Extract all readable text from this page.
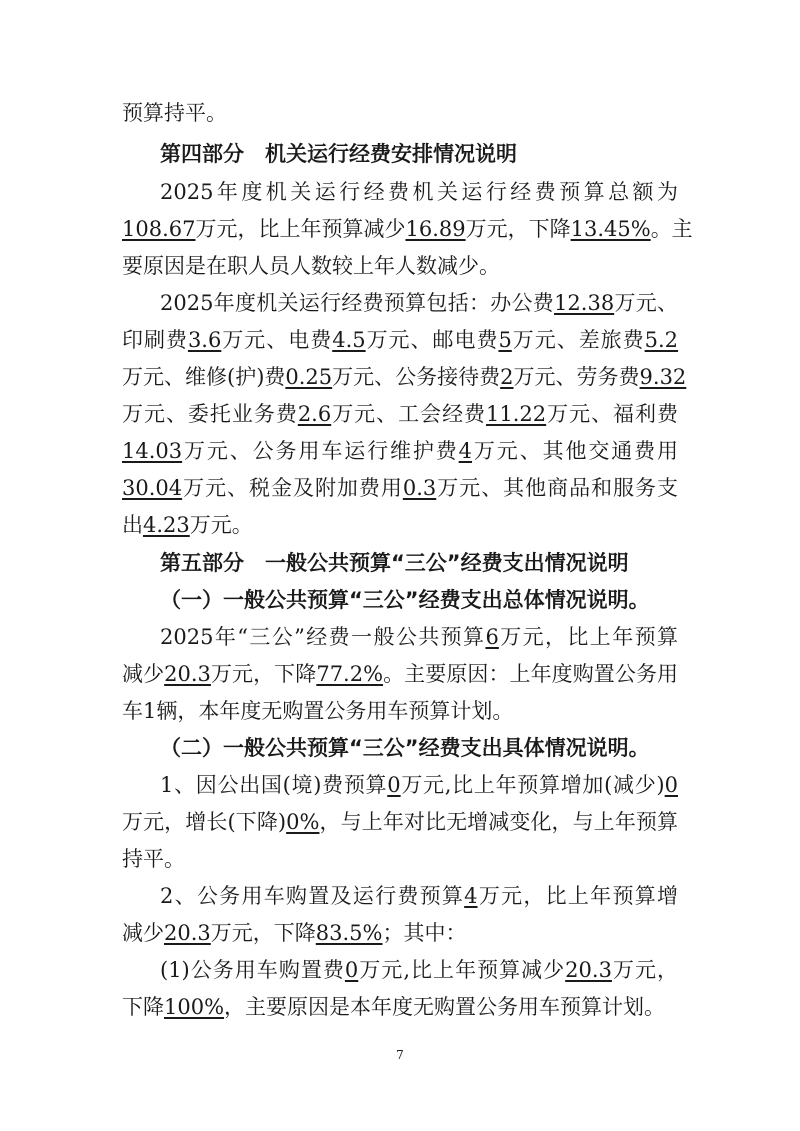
预算持平。
第四部分　机关运行经费安排情况说明
2025年度机关运行经费机关运行经费预算总额为
108.67万元，比上年预算减少16.89万元，下降13.45%。主
要原因是在职人员人数较上年人数减少。
2025年度机关运行经费预算包括：办公费12.38万元、
印刷费3.6万元、电费4.5万元、邮电费5万元、差旅费5.2
万元、维修(护)费0.25万元、公务接待费2万元、劳务费9.32
万元、委托业务费2.6万元、工会经费11.22万元、福利费
14.03万元、公务用车运行维护费4万元、其他交通费用
30.04万元、税金及附加费用0.3万元、其他商品和服务支
出4.23万元。
第五部分　一般公共预算“三公”经费支出情况说明
（一）一般公共预算“三公”经费支出总体情况说明。
2025年“三公”经费一般公共预算6万元，比上年预算
减少20.3万元，下降77.2%。主要原因：上年度购置公务用
车1辆，本年度无购置公务用车预算计划。
（二）一般公共预算“三公”经费支出具体情况说明。
1、因公出国(境)费预算0万元,比上年预算增加(减少)0
万元，增长(下降)0%，与上年对比无增减变化，与上年预算
持平。
2、公务用车购置及运行费预算4万元，比上年预算增
减少20.3万元，下降83.5%；其中：
(1)公务用车购置费0万元,比上年预算减少20.3万元，
下降100%，主要原因是本年度无购置公务用车预算计划。
7
